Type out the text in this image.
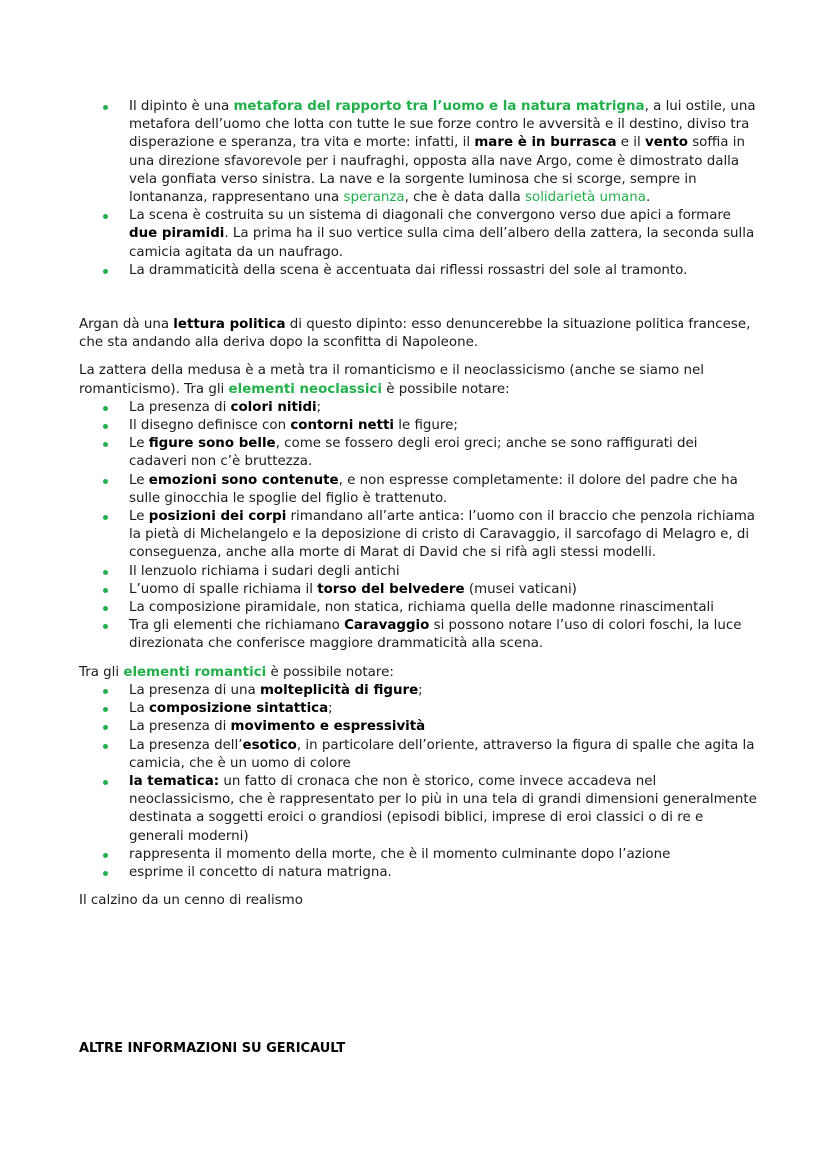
Il dipinto è una metafora del rapporto tra l’uomo e la natura matrigna, a lui ostile, una metafora dell’uomo che lotta con tutte le sue forze contro le avversità e il destino, diviso tra disperazione e speranza, tra vita e morte: infatti, il mare è in burrasca e il vento soffia in una direzione sfavorevole per i naufraghi, opposta alla nave Argo, come è dimostrato dalla vela gonfiata verso sinistra. La nave e la sorgente luminosa che si scorge, sempre in lontananza, rappresentano una speranza, che è data dalla solidarietà umana.
La scena è costruita su un sistema di diagonali che convergono verso due apici a formare due piramidi. La prima ha il suo vertice sulla cima dell’albero della zattera, la seconda sulla camicia agitata da un naufrago.
La drammaticità della scena è accentuata dai riflessi rossastri del sole al tramonto.

Argan dà una lettura politica di questo dipinto: esso denuncerebbe la situazione politica francese, che sta andando alla deriva dopo la sconfitta di Napoleone.

La zattera della medusa è a metà tra il romanticismo e il neoclassicismo (anche se siamo nel romanticismo). Tra gli elementi neoclassici è possibile notare:

La presenza di colori nitidi;
Il disegno definisce con contorni netti le figure;
Le figure sono belle, come se fossero degli eroi greci; anche se sono raffigurati dei cadaveri non c’è bruttezza.
Le emozioni sono contenute, e non espresse completamente: il dolore del padre che ha sulle ginocchia le spoglie del figlio è trattenuto.
Le posizioni dei corpi rimandano all’arte antica: l’uomo con il braccio che penzola richiama la pietà di Michelangelo e la deposizione di cristo di Caravaggio, il sarcofago di Melagro e, di conseguenza, anche alla morte di Marat di David che si rifà agli stessi modelli.
Il lenzuolo richiama i sudari degli antichi
L’uomo di spalle richiama il torso del belvedere (musei vaticani)
La composizione piramidale, non statica, richiama quella delle madonne rinascimentali
Tra gli elementi che richiamano Caravaggio si possono notare l’uso di colori foschi, la luce direzionata che conferisce maggiore drammaticità alla scena.

Tra gli elementi romantici è possibile notare:

La presenza di una molteplicità di figure;
La composizione sintattica;
La presenza di movimento e espressività
La presenza dell’esotico, in particolare dell’oriente, attraverso la figura di spalle che agita la camicia, che è un uomo di colore
la tematica: un fatto di cronaca che non è storico, come invece accadeva nel neoclassicismo, che è rappresentato per lo più in una tela di grandi dimensioni generalmente destinata a soggetti eroici o grandiosi (episodi biblici, imprese di eroi classici o di re e generali moderni)
rappresenta il momento della morte, che è il momento culminante dopo l’azione
esprime il concetto di natura matrigna.

Il calzino da un cenno di realismo

ALTRE INFORMAZIONI SU GERICAULT
